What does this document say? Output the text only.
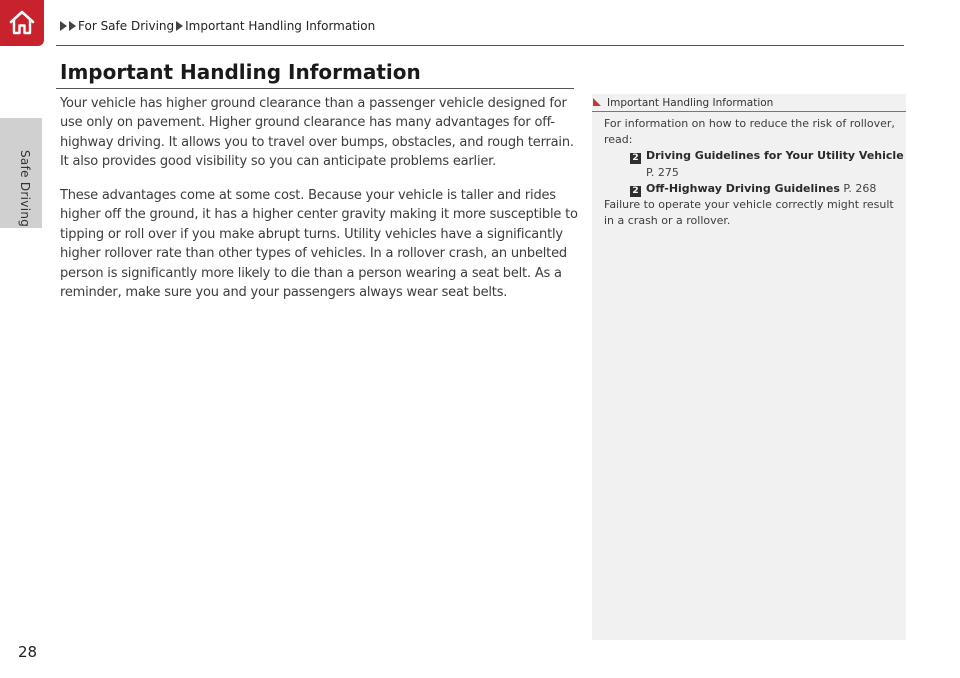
Safe Driving
28
For Safe Driving Important Handling Information
Important Handling Information

Your vehicle has higher ground clearance than a passenger vehicle designed for use only on pavement. Higher ground clearance has many advantages for off-highway driving. It allows you to travel over bumps, obstacles, and rough terrain. It also provides good visibility so you can anticipate problems earlier.

These advantages come at some cost. Because your vehicle is taller and rides higher off the ground, it has a higher center gravity making it more susceptible to tipping or roll over if you make abrupt turns. Utility vehicles have a significantly higher rollover rate than other types of vehicles. In a rollover crash, an unbelted person is significantly more likely to die than a person wearing a seat belt. As a reminder, make sure you and your passengers always wear seat belts.

Important Handling Information

For information on how to reduce the risk of rollover, read:

2 Driving Guidelines for Your Utility Vehicle

P. 275

2 Off-Highway Driving Guidelines P. 268

Failure to operate your vehicle correctly might result in a crash or a rollover.
